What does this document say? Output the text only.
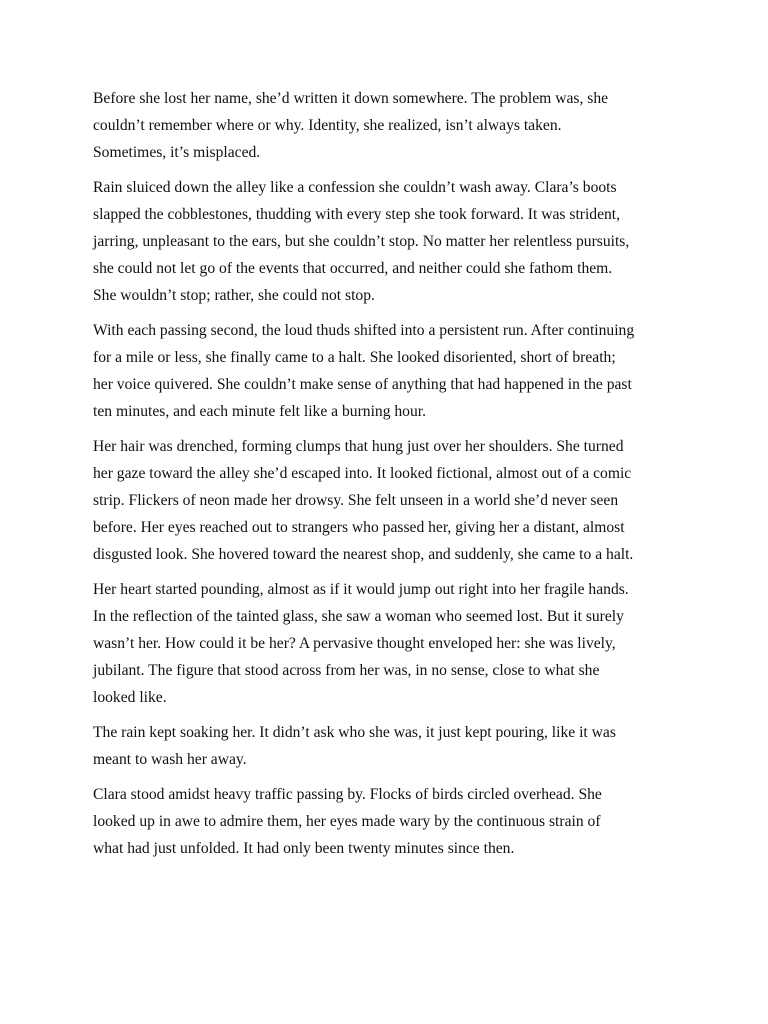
Before she lost her name, she’d written it down somewhere. The problem was, she
couldn’t remember where or why. Identity, she realized, isn’t always taken.
Sometimes, it’s misplaced.

Rain sluiced down the alley like a confession she couldn’t wash away. Clara’s boots
slapped the cobblestones, thudding with every step she took forward. It was strident,
jarring, unpleasant to the ears, but she couldn’t stop. No matter her relentless pursuits,
she could not let go of the events that occurred, and neither could she fathom them.
She wouldn’t stop; rather, she could not stop.

With each passing second, the loud thuds shifted into a persistent run. After continuing
for a mile or less, she finally came to a halt. She looked disoriented, short of breath;
her voice quivered. She couldn’t make sense of anything that had happened in the past
ten minutes, and each minute felt like a burning hour.

Her hair was drenched, forming clumps that hung just over her shoulders. She turned
her gaze toward the alley she’d escaped into. It looked fictional, almost out of a comic
strip. Flickers of neon made her drowsy. She felt unseen in a world she’d never seen
before. Her eyes reached out to strangers who passed her, giving her a distant, almost
disgusted look. She hovered toward the nearest shop, and suddenly, she came to a halt.

Her heart started pounding, almost as if it would jump out right into her fragile hands.
In the reflection of the tainted glass, she saw a woman who seemed lost. But it surely
wasn’t her. How could it be her? A pervasive thought enveloped her: she was lively,
jubilant. The figure that stood across from her was, in no sense, close to what she
looked like.

The rain kept soaking her. It didn’t ask who she was, it just kept pouring, like it was
meant to wash her away.

Clara stood amidst heavy traffic passing by. Flocks of birds circled overhead. She
looked up in awe to admire them, her eyes made wary by the continuous strain of
what had just unfolded. It had only been twenty minutes since then.
